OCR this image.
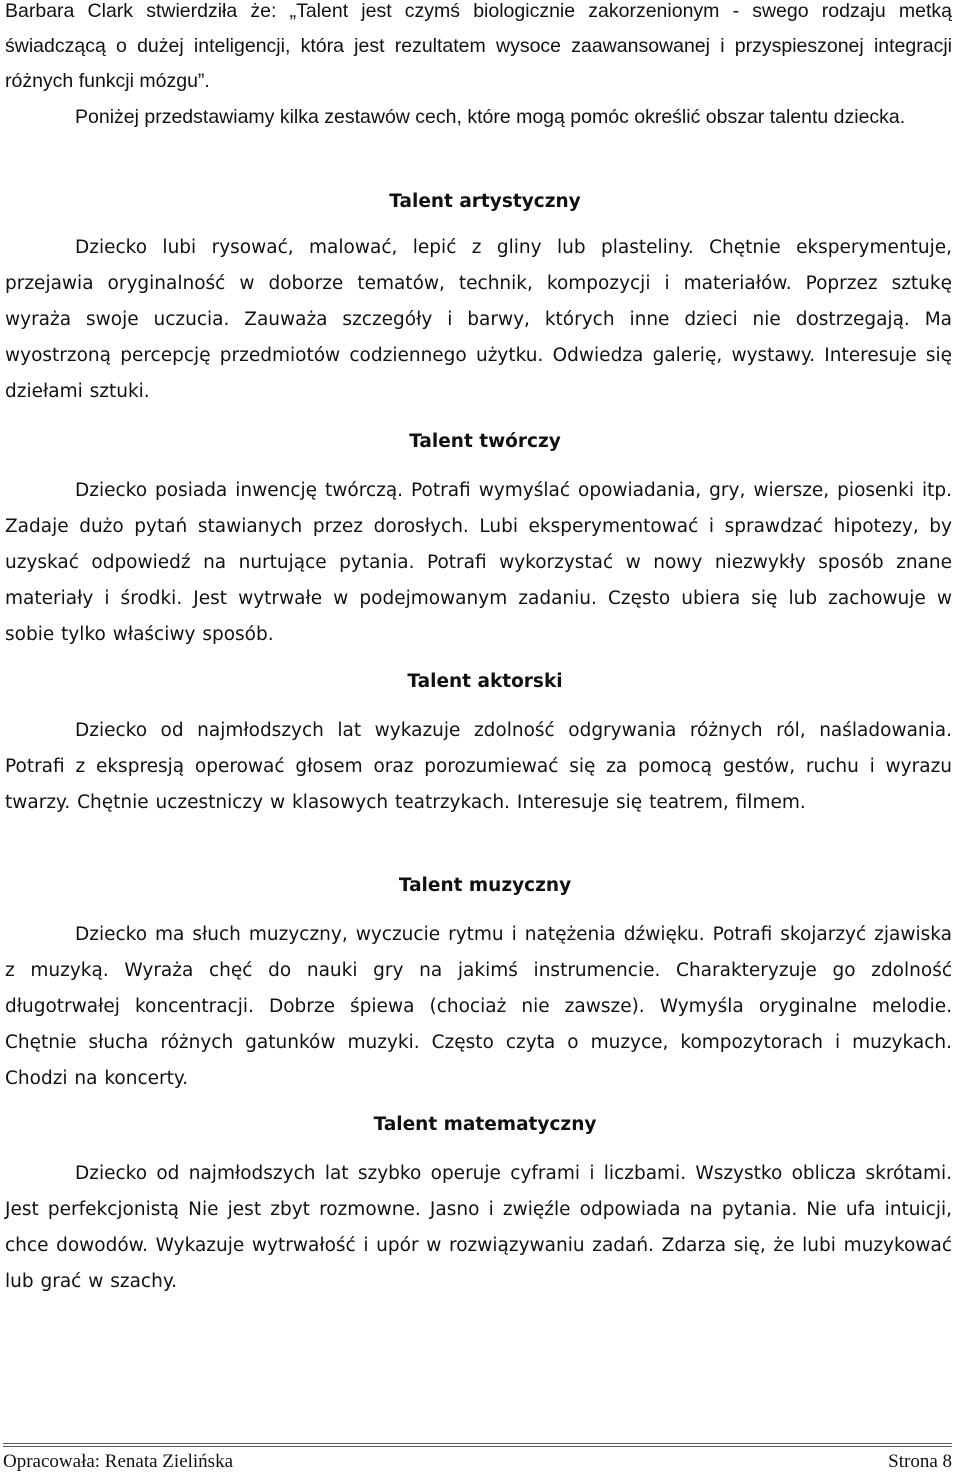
Barbara Clark stwierdziła że: „Talent jest czymś biologicznie zakorzenionym - swego rodzaju metką świadczącą o dużej inteligencji, która jest rezultatem wysoce zaawansowanej i przyspieszonej integracji różnych funkcji mózgu”.

Poniżej przedstawiamy kilka zestawów cech, które mogą pomóc określić obszar talentu dziecka.

Talent artystyczny

Dziecko lubi rysować, malować, lepić z gliny lub plasteliny. Chętnie eksperymentuje, przejawia oryginalność w doborze tematów, technik, kompozycji i materiałów. Poprzez sztukę wyraża swoje uczucia. Zauważa szczegóły i barwy, których inne dzieci nie dostrzegają. Ma wyostrzoną percepcję przedmiotów codziennego użytku. Odwiedza galerię, wystawy. Interesuje się dziełami sztuki.

Talent twórczy

Dziecko posiada inwencję twórczą. Potrafi wymyślać opowiadania, gry, wiersze, piosenki itp. Zadaje dużo pytań stawianych przez dorosłych. Lubi eksperymentować i sprawdzać hipotezy, by uzyskać odpowiedź na nurtujące pytania. Potrafi wykorzystać w nowy niezwykły sposób znane materiały i środki. Jest wytrwałe w podejmowanym zadaniu. Często ubiera się lub zachowuje w sobie tylko właściwy sposób.

Talent aktorski

Dziecko od najmłodszych lat wykazuje zdolność odgrywania różnych ról, naśladowania. Potrafi z ekspresją operować głosem oraz porozumiewać się za pomocą gestów, ruchu i wyrazu twarzy. Chętnie uczestniczy w klasowych teatrzykach. Interesuje się teatrem, filmem.

Talent muzyczny

Dziecko ma słuch muzyczny, wyczucie rytmu i natężenia dźwięku. Potrafi skojarzyć zjawiska z muzyką. Wyraża chęć do nauki gry na jakimś instrumencie. Charakteryzuje go zdolność długotrwałej koncentracji. Dobrze śpiewa (chociaż nie zawsze). Wymyśla oryginalne melodie. Chętnie słucha różnych gatunków muzyki. Często czyta o muzyce, kompozytorach i muzykach. Chodzi na koncerty.

Talent matematyczny

Dziecko od najmłodszych lat szybko operuje cyframi i liczbami. Wszystko oblicza skrótami. Jest perfekcjonistą Nie jest zbyt rozmowne. Jasno i zwięźle odpowiada na pytania. Nie ufa intuicji, chce dowodów. Wykazuje wytrwałość i upór w rozwiązywaniu zadań. Zdarza się, że lubi muzykować lub grać w szachy.

Opracowała: Renata Zielińska	Strona 8
